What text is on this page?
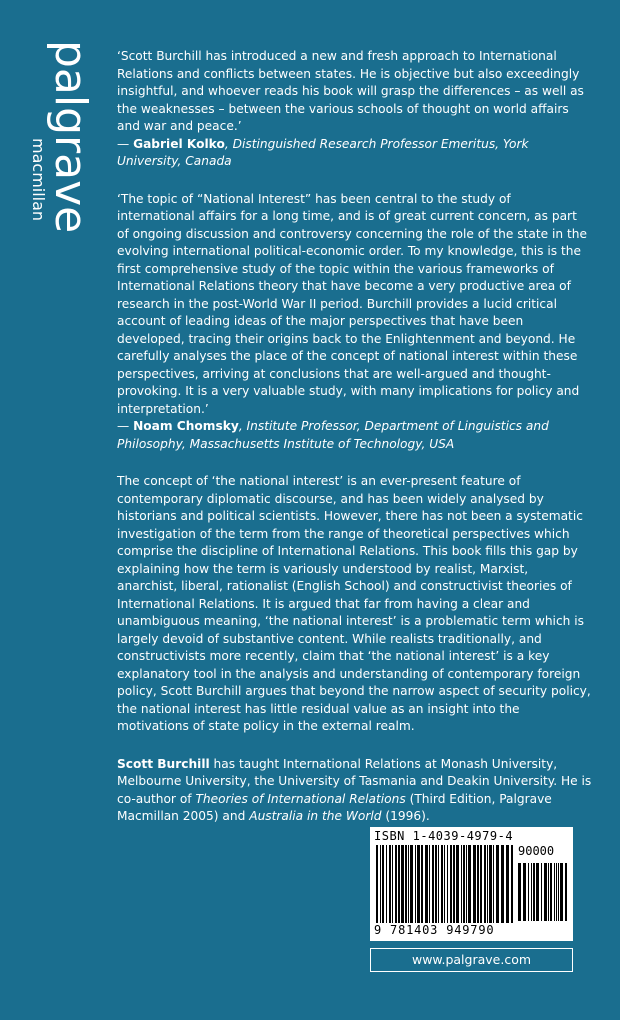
palgrave
macmillan

‘Scott Burchill has introduced a new and fresh approach to International Relations and conflicts between states. He is objective but also exceedingly insightful, and whoever reads his book will grasp the differences – as well as the weaknesses – between the various schools of thought on world affairs and war and peace.’

— Gabriel Kolko, Distinguished Research Professor Emeritus, York University, Canada

‘The topic of “National Interest” has been central to the study of international affairs for a long time, and is of great current concern, as part of ongoing discussion and controversy concerning the role of the state in the evolving international political-economic order. To my knowledge, this is the first comprehensive study of the topic within the various frameworks of International Relations theory that have become a very productive area of research in the post-World War II period. Burchill provides a lucid critical account of leading ideas of the major perspectives that have been developed, tracing their origins back to the Enlightenment and beyond. He carefully analyses the place of the concept of national interest within these perspectives, arriving at conclusions that are well-argued and thought-provoking. It is a very valuable study, with many implications for policy and interpretation.’

— Noam Chomsky, Institute Professor, Department of Linguistics and Philosophy, Massachusetts Institute of Technology, USA

The concept of ‘the national interest’ is an ever-present feature of contemporary diplomatic discourse, and has been widely analysed by historians and political scientists. However, there has not been a systematic investigation of the term from the range of theoretical perspectives which comprise the discipline of International Relations. This book fills this gap by explaining how the term is variously understood by realist, Marxist, anarchist, liberal, rationalist (English School) and constructivist theories of International Relations. It is argued that far from having a clear and unambiguous meaning, ‘the national interest’ is a problematic term which is largely devoid of substantive content. While realists traditionally, and constructivists more recently, claim that ‘the national interest’ is a key explanatory tool in the analysis and understanding of contemporary foreign policy, Scott Burchill argues that beyond the narrow aspect of security policy, the national interest has little residual value as an insight into the motivations of state policy in the external realm.

Scott Burchill has taught International Relations at Monash University, Melbourne University, the University of Tasmania and Deakin University. He is co-author of Theories of International Relations (Third Edition, Palgrave Macmillan 2005) and Australia in the World (1996).

ISBN 1-4039-4979-4
90000
9 781403 949790
www.palgrave.com
